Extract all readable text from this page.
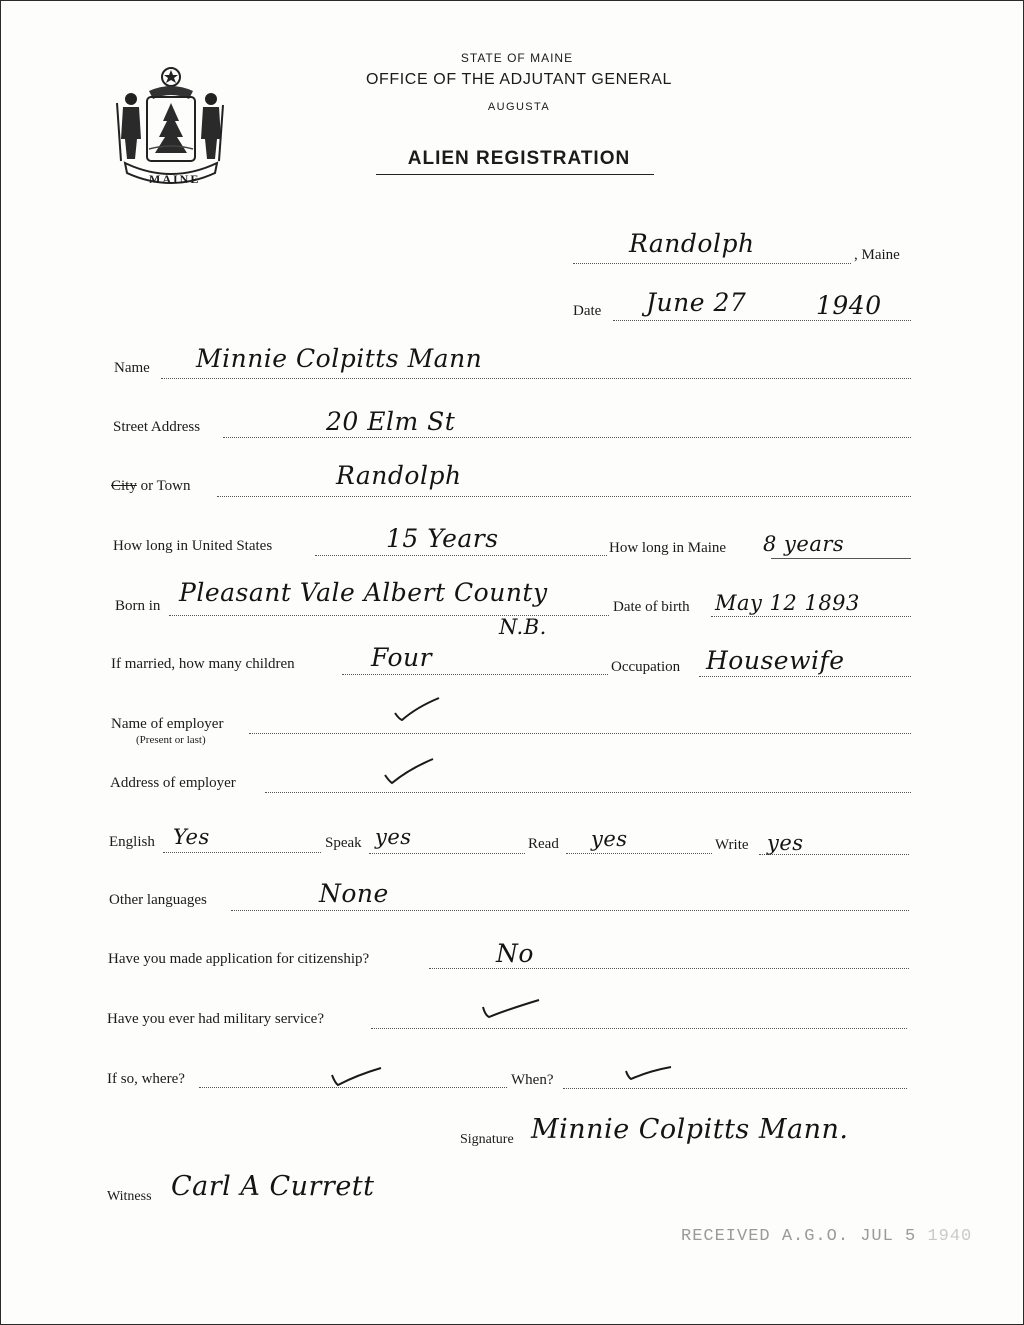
MAINE
STATE OF MAINE
OFFICE OF THE ADJUTANT GENERAL
AUGUSTA
ALIEN REGISTRATION
Randolph	, Maine
Date June 27	1940
Name Minnie Colpitts Mann
Street Address	20 Elm St
City or Town	Randolph
How long in United States	15 Years	How long in Maine 8 years
Born in Pleasant Vale Albert County
N.B.
Date of birth May 12 1893
If married, how many children	Four	Occupation Housewife
Name of employer
(Present or last)
Address of employer
English Yes	Speak yes	Read yes	Write yes
Other languages	None
Have you made application for citizenship?	No
Have you ever had military service?
If so, where?	When?
Signature Minnie Colpitts Mann.
Witness Carl A Currett
RECEIVED A.G.O. JUL 5 1940
